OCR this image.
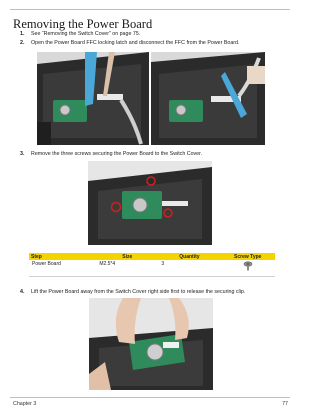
Removing the Power Board
1. See “Removing the Switch Cover” on page 75.
2. Open the Power Board FFC locking latch and disconnect the FFC from the Power Board.
3. Remove the three screws securing the Power Board to the Switch Cover.
Step	Size	Quantity	Screw Type
Power Board	M2.5*4	3	
4. Lift the Power Board away from the Switch Cover right side first to release the securing clip.
Chapter 3	77
